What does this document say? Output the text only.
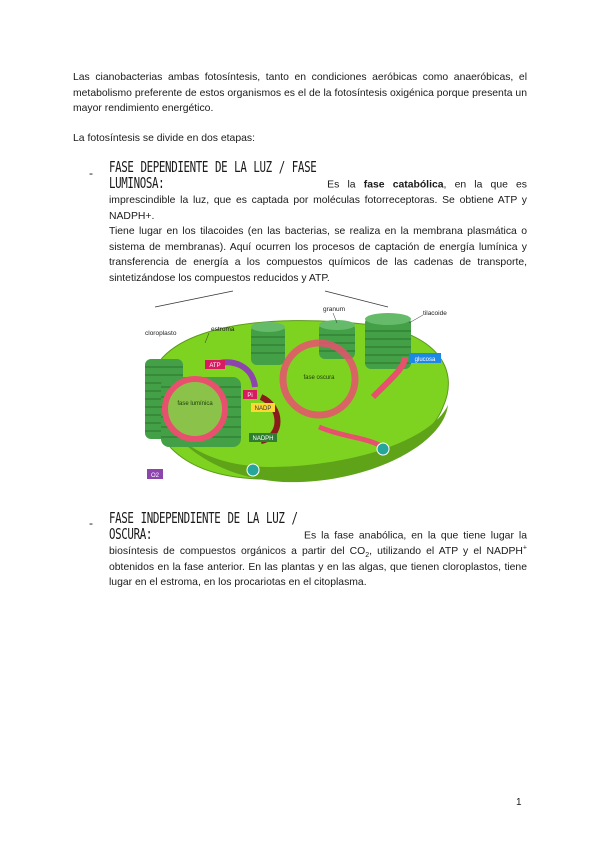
Las cianobacterias ambas fotosíntesis, tanto en condiciones aeróbicas como anaeróbicas, el metabolismo preferente de estos organismos es el de la fotosíntesis oxigénica porque presenta un mayor rendimiento energético.

La fotosíntesis se divide en dos etapas:

- FASE DEPENDIENTE DE LA LUZ / FASE LUMINOSA:	Es la fase catabólica, en la que es imprescindible la luz, que es captada por moléculas fotorreceptoras. Se obtiene ATP y NADPH+.
Tiene lugar en los tilacoides (en las bacterias, se realiza en la membrana plasmática o sistema de membranas). Aquí ocurren los procesos de captación de energía lumínica y transferencia de energía a los compuestos químicos de las cadenas de transporte, sintetizándose los compuestos reducidos y ATP.
fase lumínica
fase oscura
ATP
Pi
NADP
NADPH
glucosa
O2
cloroplasto
estroma
granum
tilacoide
- FASE INDEPENDIENTE DE LA LUZ / OSCURA:	Es la fase anabólica, en la que tiene lugar la biosíntesis de compuestos orgánicos a partir del $CO_2$, utilizando el ATP y el NADPH+ obtenidos en la fase anterior. En las plantas y en las algas, que tienen cloroplastos, tiene lugar en el estroma, en los procariotas en el citoplasma.
1
